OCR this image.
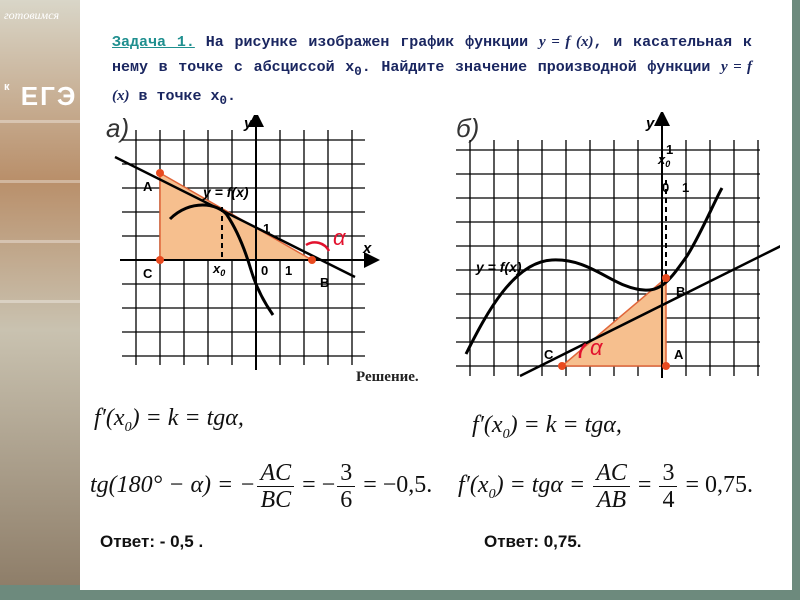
готовимся
$^к$ ЕГЭ
Задача 1. На рисунке изображен график функции y = f (x), и касательная к нему в точке с абсциссой $x_0$. Найдите значение производной функции y = f (x) в точке $x_0$.
а)
α
y
x
y = f(x)
1
0 1
$x_0$
A
C
B
б)
α
y
y = f(x)
1
0 1
$x_0$
B
C	A
Решение.
$f'(x_0) = k = tg\alpha$,
tg(180° − α) = − $\frac{AC}{BC}$ = − $\frac{3}{6} = -0,5$.
$f'(x_0) = k = tg\alpha$,
$f'(x_0) = tg\alpha = \frac{AC}{AB} = \frac{3}{4} = 0,75$.
Ответ: - 0,5 .	Ответ: 0,75.
